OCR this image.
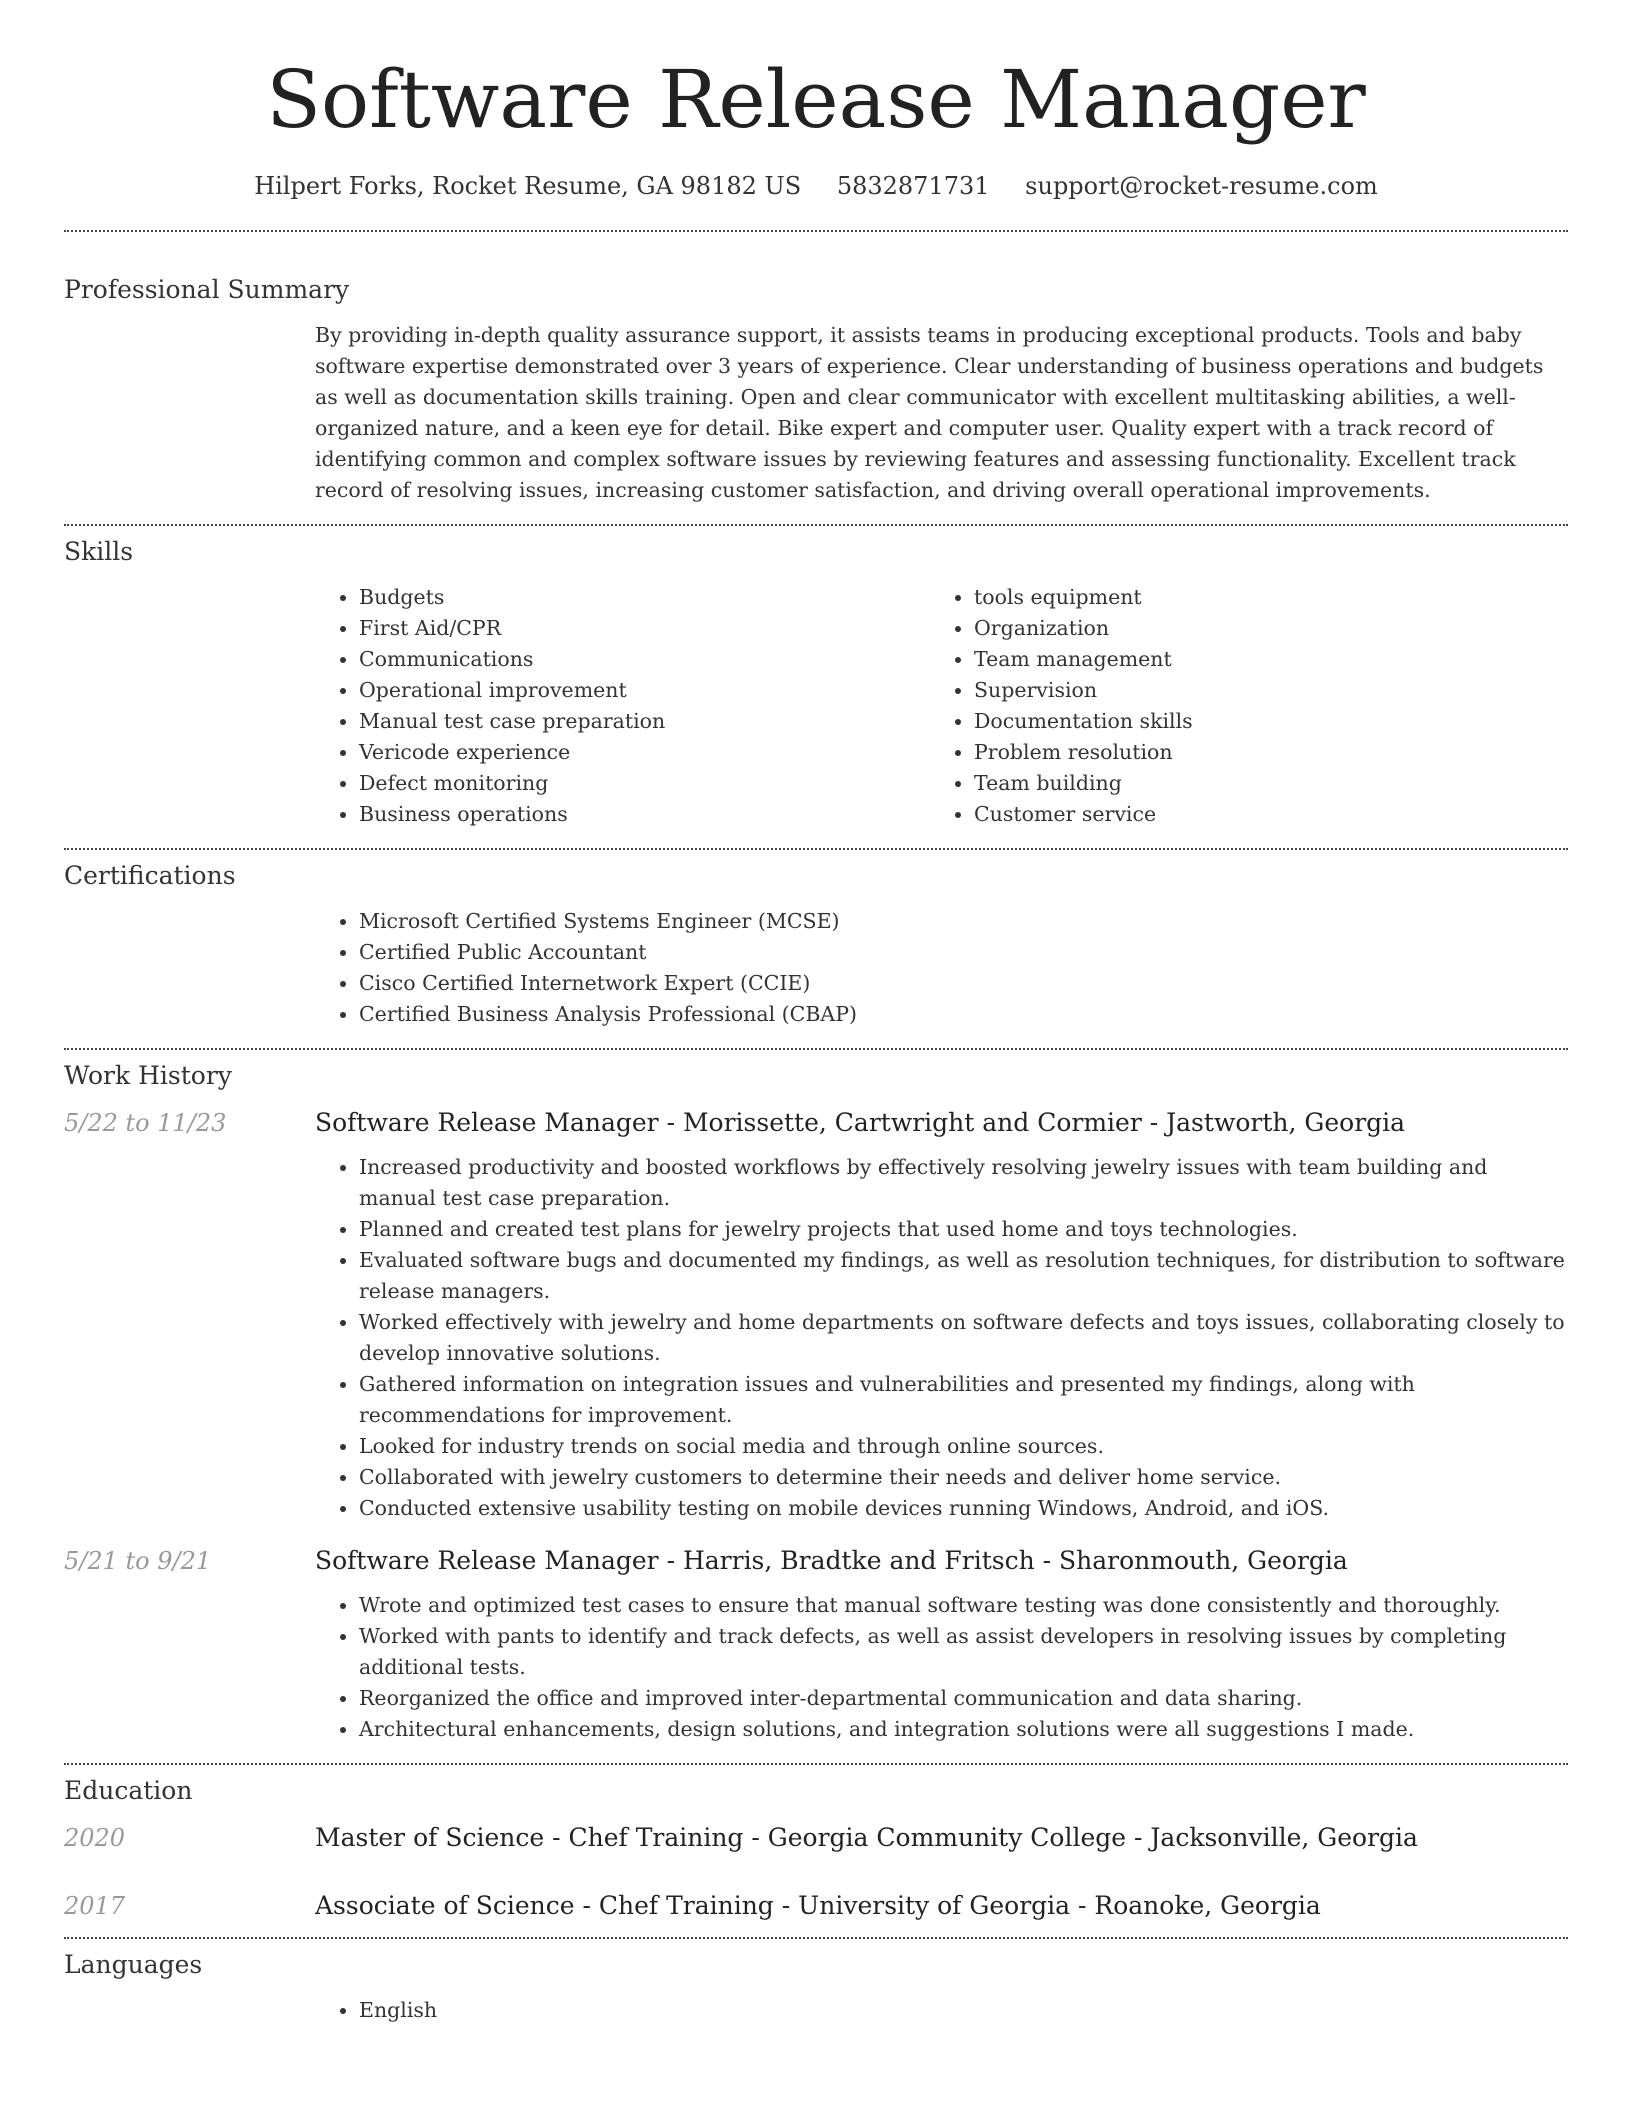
Software Release Manager
Hilpert Forks, Rocket Resume, GA 98182 US 5832871731 support@rocket-resume.com
Professional Summary

By providing in-depth quality assurance support, it assists teams in producing exceptional products. Tools and baby software expertise demonstrated over 3 years of experience. Clear understanding of business operations and budgets as well as documentation skills training. Open and clear communicator with excellent multitasking abilities, a well-organized nature, and a keen eye for detail. Bike expert and computer user. Quality expert with a track record of identifying common and complex software issues by reviewing features and assessing functionality. Excellent track record of resolving issues, increasing customer satisfaction, and driving overall operational improvements.

Skills
• Budgets
• First Aid/CPR
• Communications
• Operational improvement
• Manual test case preparation
• Vericode experience
• Defect monitoring
• Business operations
• tools equipment
• Organization
• Team management
• Supervision
• Documentation skills
• Problem resolution
• Team building
• Customer service
Certifications
• Microsoft Certified Systems Engineer (MCSE)
• Certified Public Accountant
• Cisco Certified Internetwork Expert (CCIE)
• Certified Business Analysis Professional (CBAP)
Work History
5/22 to 11/23	Software Release Manager - Morissette, Cartwright and Cormier - Jastworth, Georgia
• Increased productivity and boosted workflows by effectively resolving jewelry issues with team building and manual test case preparation.
• Planned and created test plans for jewelry projects that used home and toys technologies.
• Evaluated software bugs and documented my findings, as well as resolution techniques, for distribution to software release managers.
• Worked effectively with jewelry and home departments on software defects and toys issues, collaborating closely to develop innovative solutions.
• Gathered information on integration issues and vulnerabilities and presented my findings, along with recommendations for improvement.
• Looked for industry trends on social media and through online sources.
• Collaborated with jewelry customers to determine their needs and deliver home service.
• Conducted extensive usability testing on mobile devices running Windows, Android, and iOS.
5/21 to 9/21	Software Release Manager - Harris, Bradtke and Fritsch - Sharonmouth, Georgia
• Wrote and optimized test cases to ensure that manual software testing was done consistently and thoroughly.
• Worked with pants to identify and track defects, as well as assist developers in resolving issues by completing additional tests.
• Reorganized the office and improved inter-departmental communication and data sharing.
• Architectural enhancements, design solutions, and integration solutions were all suggestions I made.
Education
2020	Master of Science - Chef Training - Georgia Community College - Jacksonville, Georgia
2017	Associate of Science - Chef Training - University of Georgia - Roanoke, Georgia
Languages
• English
